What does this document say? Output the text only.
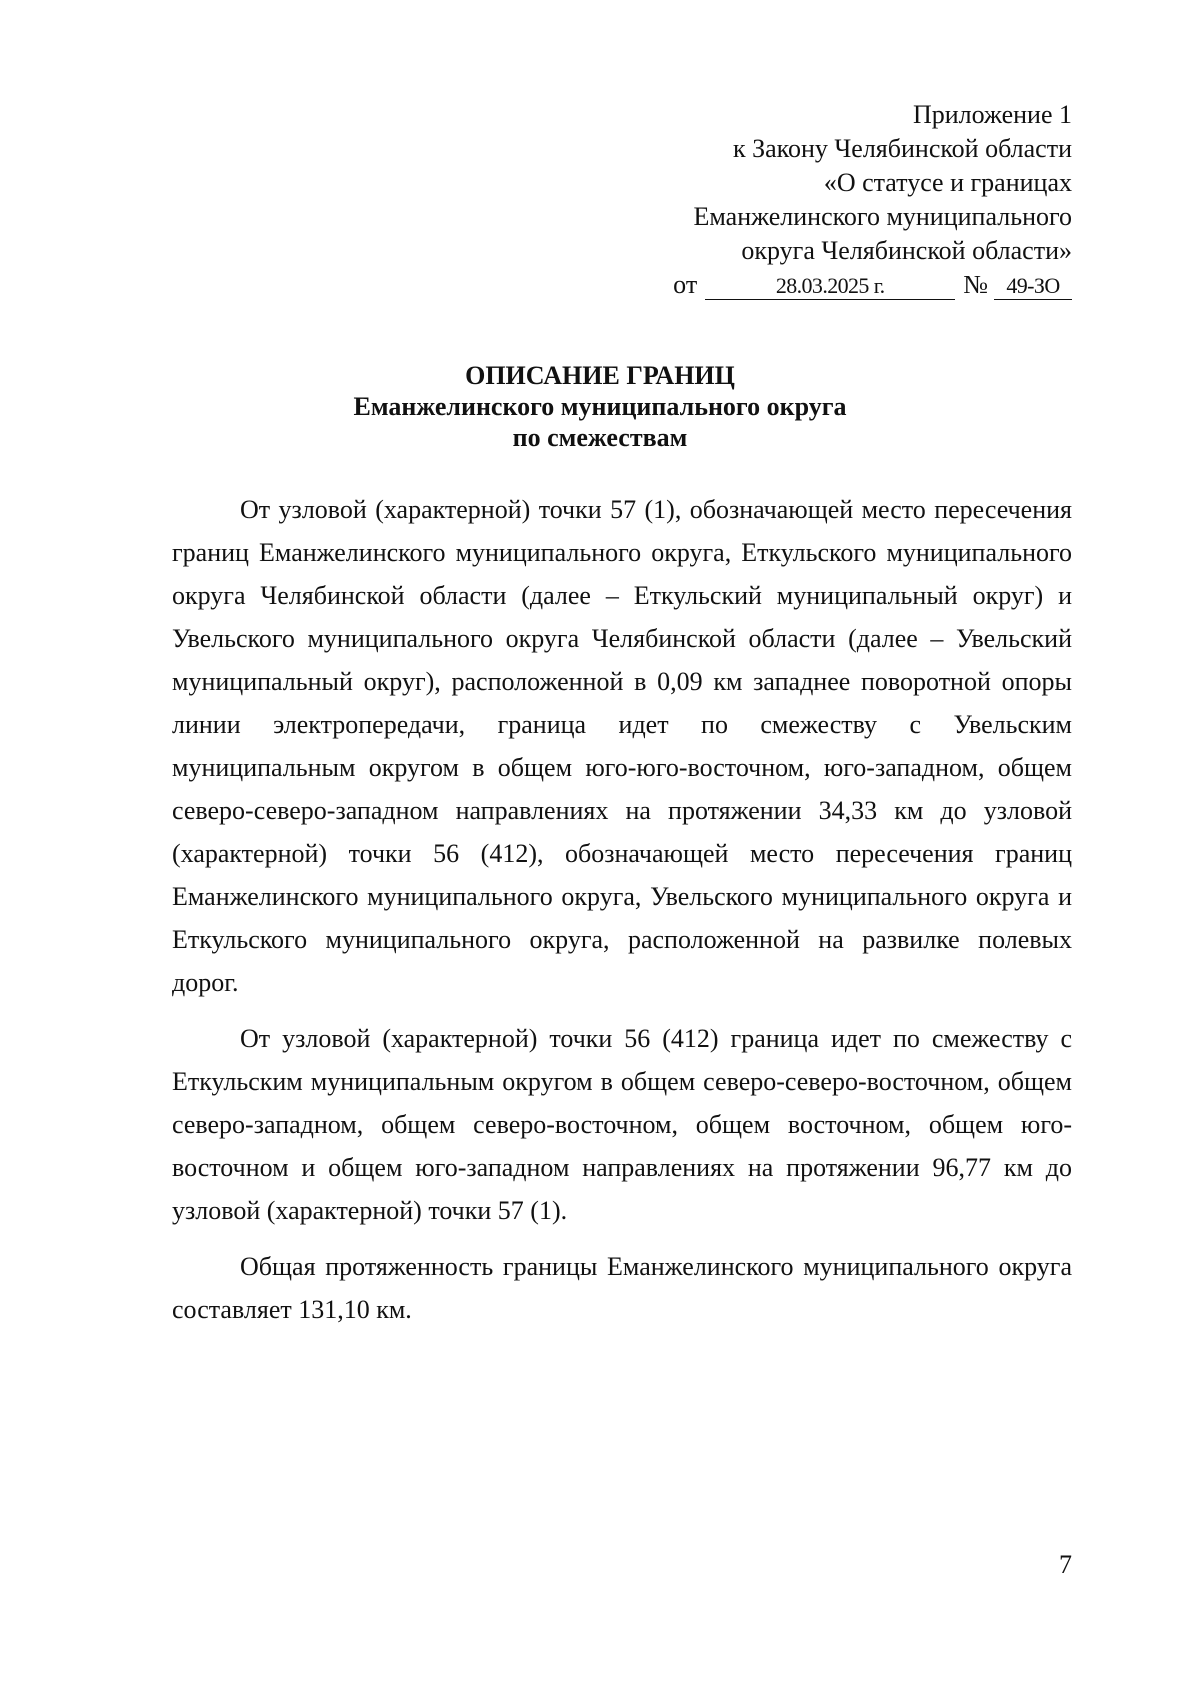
Приложение 1
к Закону Челябинской области
«О статусе и границах
Еманжелинского муниципального
округа Челябинской области»
от	28.03.2025 г.	№ 49-ЗО
ОПИСАНИЕ ГРАНИЦ
Еманжелинского муниципального округа
по смежествам

От узловой (характерной) точки 57 (1), обозначающей место пересечения границ Еманжелинского муниципального округа, Еткульского муниципального округа Челябинской области (далее – Еткульский муниципальный округ) и Увельского муниципального округа Челябинской области (далее – Увельский муниципальный округ), расположенной в 0,09 км западнее поворотной опоры линии электропередачи, граница идет по смежеству с Увельским муниципальным округом в общем юго-юго-восточном, юго-западном, общем северо-северо-западном направлениях на протяжении 34,33 км до узловой (характерной) точки 56 (412), обозначающей место пересечения границ Еманжелинского муниципального округа, Увельского муниципального округа и Еткульского муниципального округа, расположенной на развилке полевых дорог.

От узловой (характерной) точки 56 (412) граница идет по смежеству с Еткульским муниципальным округом в общем северо-северо-восточном, общем северо-западном, общем северо-восточном, общем восточном, общем юго-восточном и общем юго-западном направлениях на протяжении 96,77 км до узловой (характерной) точки 57 (1).

Общая протяженность границы Еманжелинского муниципального округа составляет 131,10 км.

7
